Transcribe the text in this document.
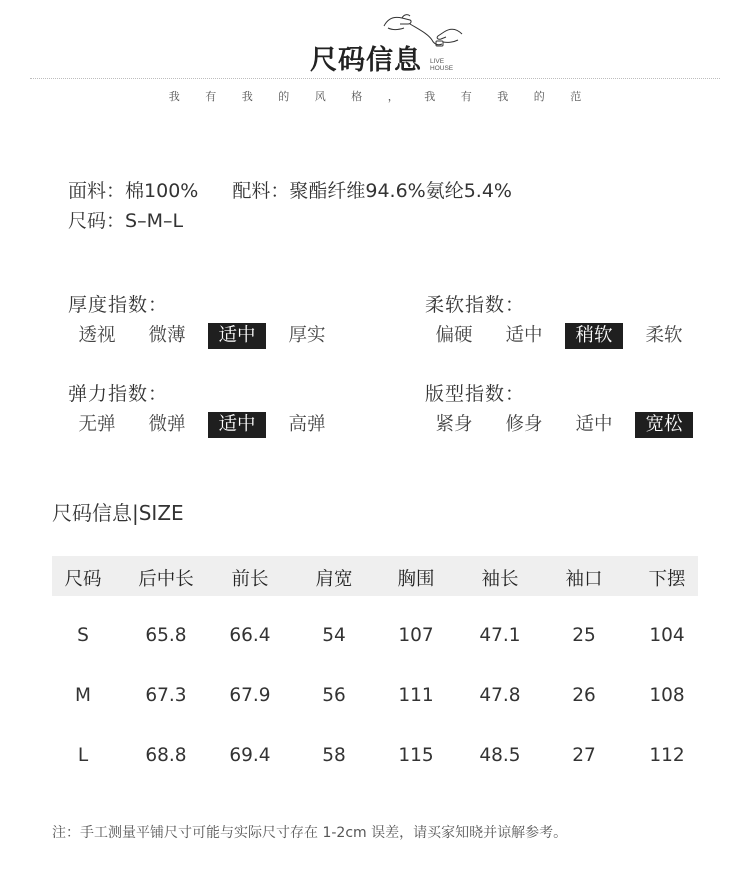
尺码信息 LIVE
HOUSE
我	有	我	的	风	格	，	我	有	我	的	范
面料：棉100% 配料：聚酯纤维94.6%氨纶5.4%
尺码：S–M–L
厚度指数：
透视	微薄	适中	厚实
柔软指数：
偏硬	适中	稍软	柔软
弹力指数：
无弹	微弹	适中	高弹
版型指数：
紧身	修身	适中	宽松
尺码信息|SIZE
尺码	后中长	前长	肩宽	胸围	袖长	袖口	下摆
S	65.8	66.4	54	107	47.1	25	104
M	67.3	67.9	56	111	47.8	26	108
L	68.8	69.4	58	115	48.5	27	112
注：手工测量平铺尺寸可能与实际尺寸存在 1-2cm 误差，请买家知晓并谅解参考。
